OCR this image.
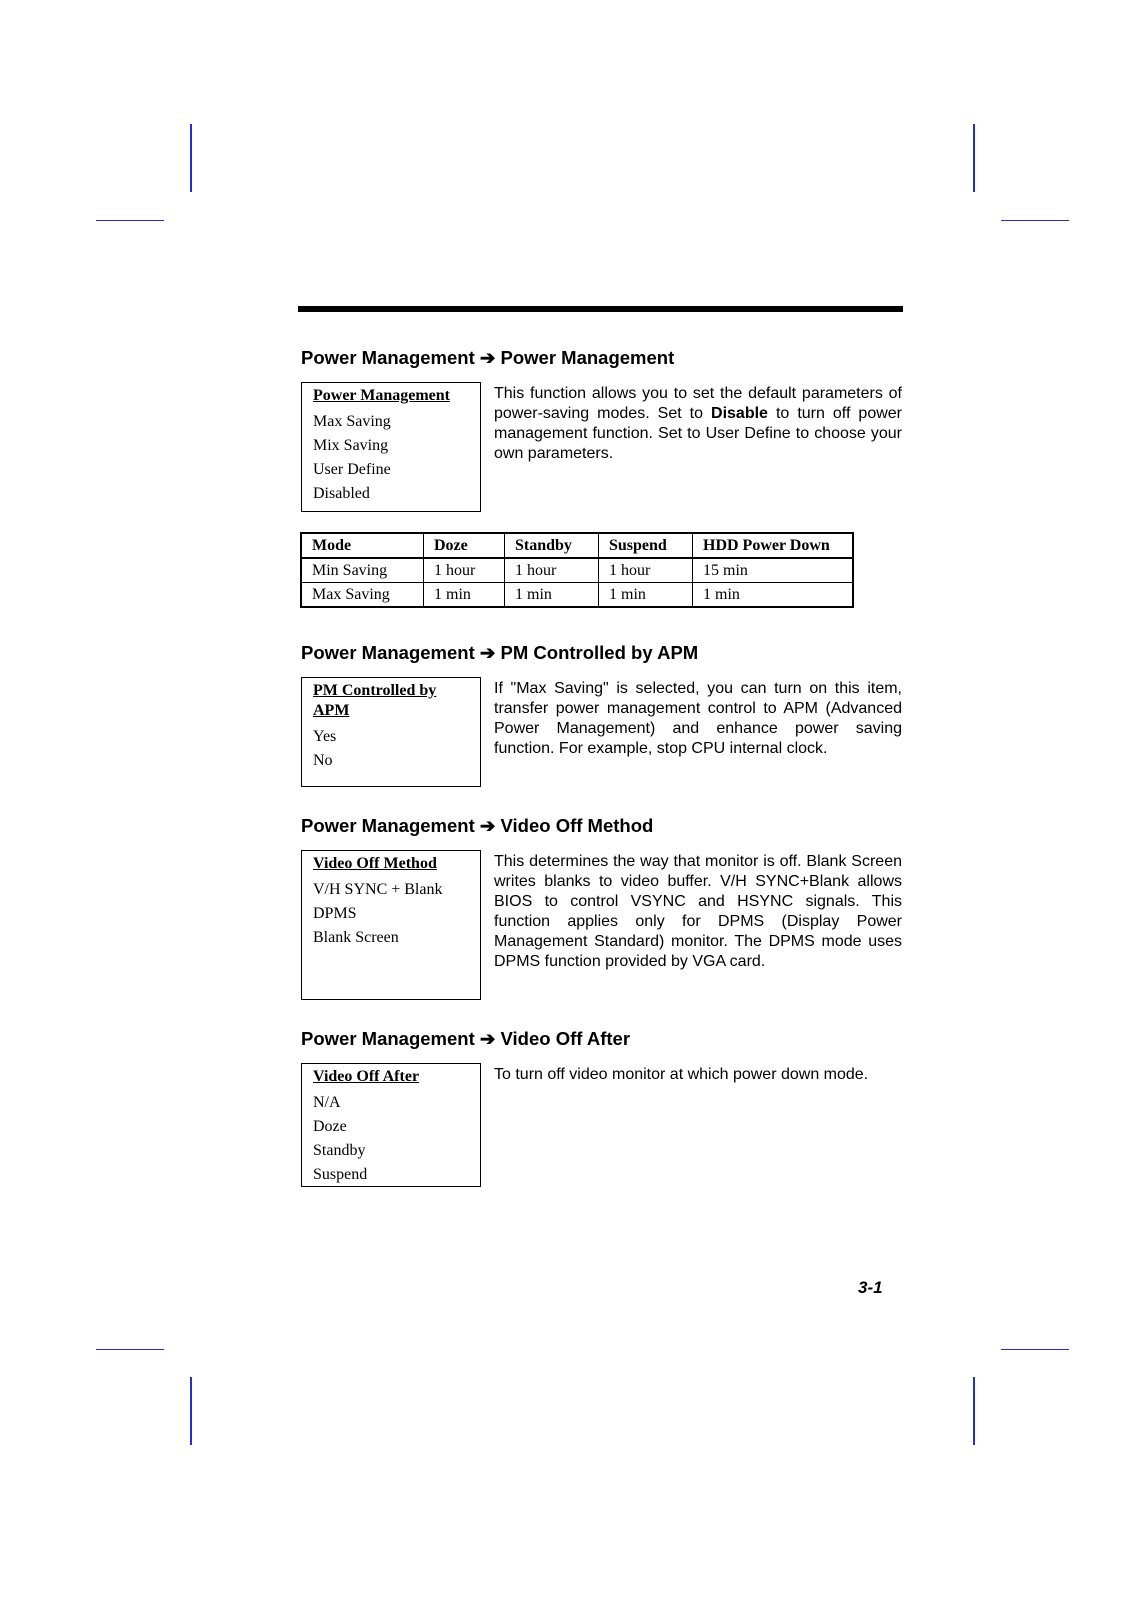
Power Management ➔ Power Management
Power Management
Max Saving
Mix Saving
User Define
Disabled
This function allows you to set the default parameters of power-saving modes. Set to Disable to turn off power management function. Set to User Define to choose your own parameters.
Mode	Doze	Standby	Suspend	HDD Power Down
Min Saving	1 hour	1 hour	1 hour	15 min
Max Saving	1 min	1 min	1 min	1 min
Power Management ➔ PM Controlled by APM
PM Controlled by APM
Yes
No
If "Max Saving" is selected, you can turn on this item, transfer power management control to APM (Advanced Power Management) and enhance power saving function. For example, stop CPU internal clock.
Power Management ➔ Video Off Method
Video Off Method
V/H SYNC + Blank
DPMS
Blank Screen
This determines the way that monitor is off. Blank Screen writes blanks to video buffer. V/H SYNC+Blank allows BIOS to control VSYNC and HSYNC signals. This function applies only for DPMS (Display Power Management Standard) monitor. The DPMS mode uses DPMS function provided by VGA card.
Power Management ➔ Video Off After
Video Off After
N/A
Doze
Standby
Suspend
To turn off video monitor at which power down mode.
3-1
